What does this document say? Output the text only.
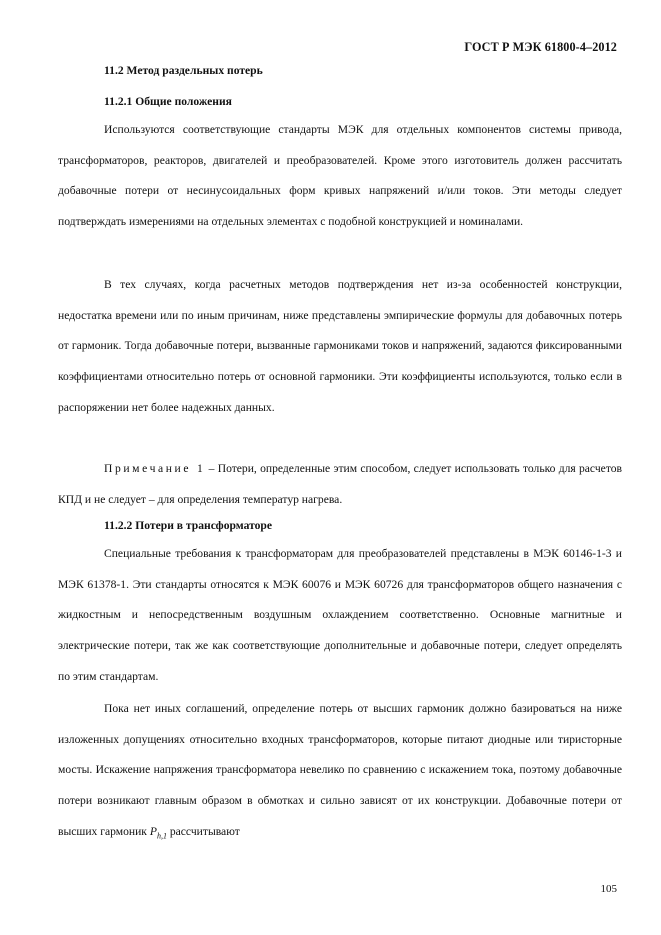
ГОСТ Р МЭК 61800-4–2012
11.2 Метод раздельных потерь
11.2.1 Общие положения

Используются соответствующие стандарты МЭК для отдельных компонентов системы привода, трансформаторов, реакторов, двигателей и преобразователей. Кроме этого изготовитель должен рассчитать добавочные потери от несинусоидальных форм кривых напряжений и/или токов. Эти методы следует подтверждать измерениями на отдельных элементах с подобной конструкцией и номиналами.

В тех случаях, когда расчетных методов подтверждения нет из-за особенностей конструкции, недостатка времени или по иным причинам, ниже представлены эмпирические формулы для добавочных потерь от гармоник. Тогда добавочные потери, вызванные гармониками токов и напряжений, задаются фиксированными коэффициентами относительно потерь от основной гармоники. Эти коэффициенты используются, только если в распоряжении нет более надежных данных.

Примечание 1 – Потери, определенные этим способом, следует использовать только для расчетов КПД и не следует – для определения температур нагрева.

11.2.2 Потери в трансформаторе

Специальные требования к трансформаторам для преобразователей представлены в МЭК 60146-1-3 и МЭК 61378-1. Эти стандарты относятся к МЭК 60076 и МЭК 60726 для трансформаторов общего назначения с жидкостным и непосредственным воздушным охлаждением соответственно. Основные магнитные и электрические потери, так же как соответствующие дополнительные и добавочные потери, следует определять по этим стандартам.

Пока нет иных соглашений, определение потерь от высших гармоник должно базироваться на ниже изложенных допущениях относительно входных трансформаторов, которые питают диодные или тиристорные мосты. Искажение напряжения трансформатора невелико по сравнению с искажением тока, поэтому добавочные потери возникают главным образом в обмотках и сильно зависят от их конструкции. Добавочные потери от высших гармоник $P_{h,1}$ рассчитывают

105
